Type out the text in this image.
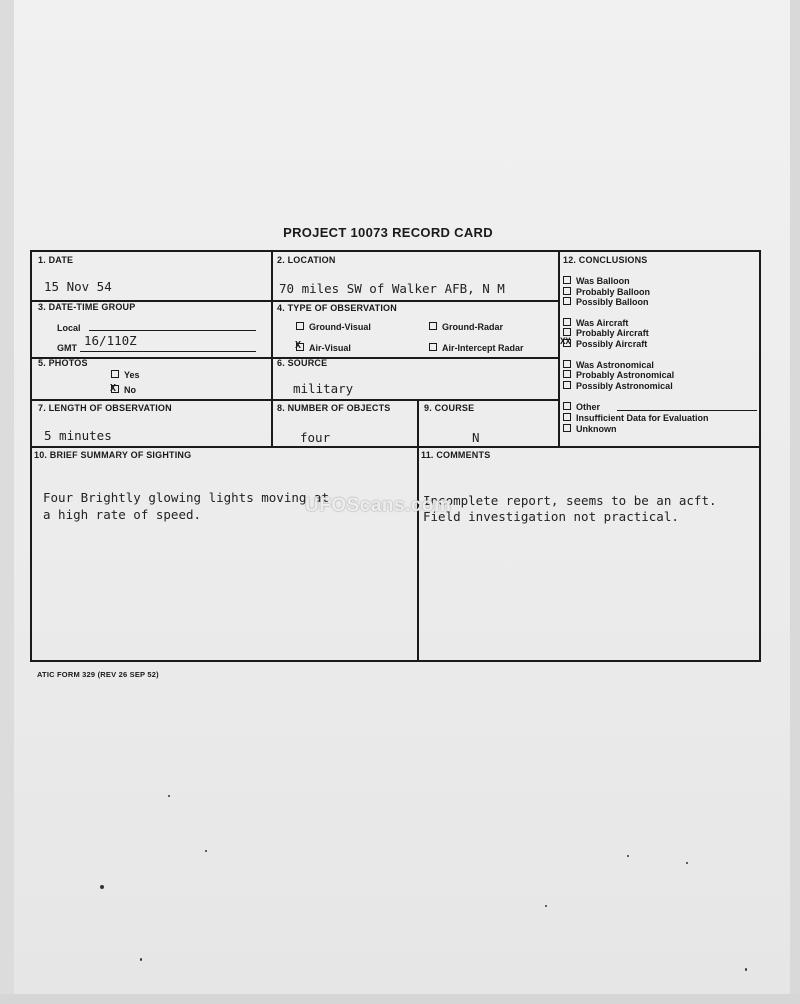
PROJECT 10073 RECORD CARD
1. DATE
15 Nov 54
2. LOCATION
70 miles SW of Walker AFB, N M
3. DATE-TIME GROUP
Local
GMT 16/110Z
4. TYPE OF OBSERVATION
Ground-Visual	Ground-Radar
Air-Visual
X	Air-Intercept Radar
5. PHOTOS
Yes
No
X
6. SOURCE
military
7. LENGTH OF OBSERVATION
5 minutes
8. NUMBER OF OBJECTS
four
9. COURSE
N
12. CONCLUSIONS
Was Balloon
Probably Balloon
Possibly Balloon
Was Aircraft
Probably Aircraft
Possibly Aircraft
XX
Was Astronomical
Probably Astronomical
Possibly Astronomical
Other
Insufficient Data for Evaluation
Unknown
10. BRIEF SUMMARY OF SIGHTING
Four Brightly glowing lights moving at
a high rate of speed.
11. COMMENTS
Incomplete report, seems to be an acft.
Field investigation not practical.
ATIC FORM 329 (REV 26 SEP 52)
UFOScans.com
